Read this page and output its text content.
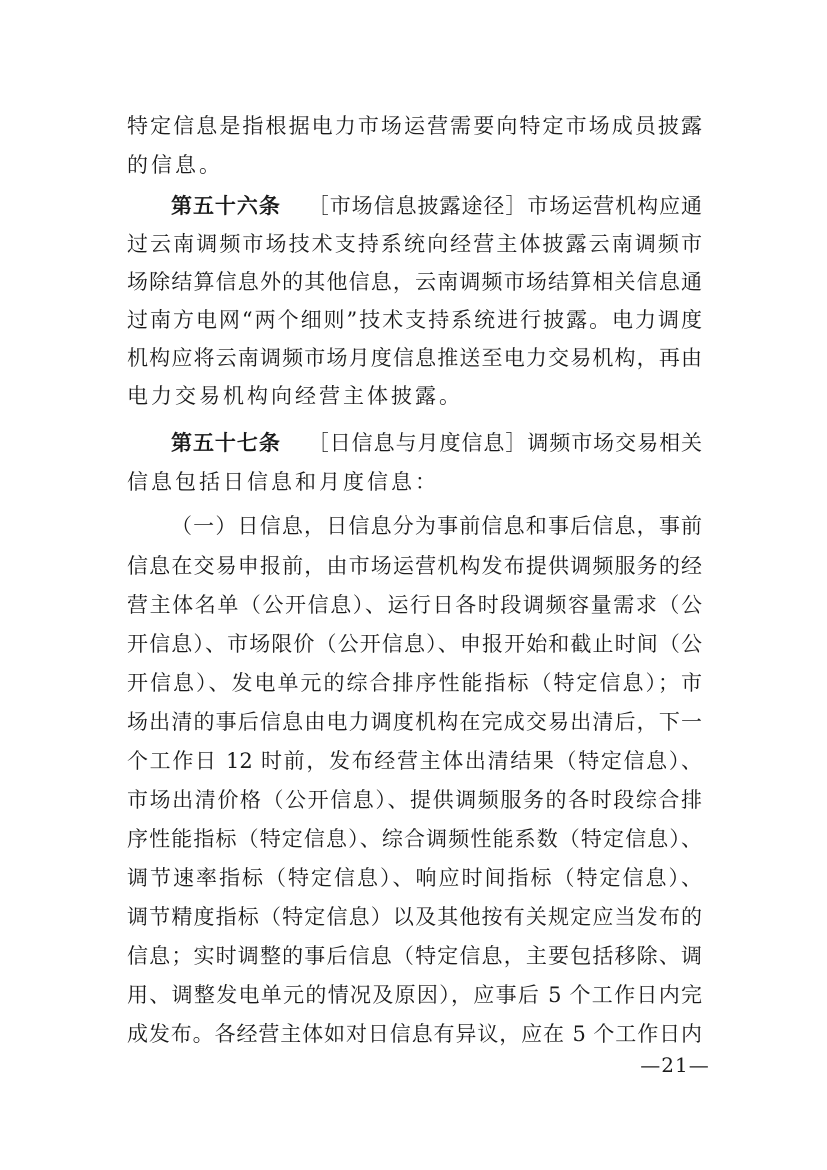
特定信息是指根据电力市场运营需要向特定市场成员披露
的信息。
第五十六条 ［市场信息披露途径］市场运营机构应通
过云南调频市场技术支持系统向经营主体披露云南调频市
场除结算信息外的其他信息，云南调频市场结算相关信息通
过南方电网“两个细则”技术支持系统进行披露。电力调度
机构应将云南调频市场月度信息推送至电力交易机构，再由
电力交易机构向经营主体披露。
第五十七条 ［日信息与月度信息］调频市场交易相关
信息包括日信息和月度信息：
（一）日信息，日信息分为事前信息和事后信息，事前
信息在交易申报前，由市场运营机构发布提供调频服务的经
营主体名单（公开信息）、运行日各时段调频容量需求（公
开信息）、市场限价（公开信息）、申报开始和截止时间（公
开信息）、发电单元的综合排序性能指标（特定信息）；市
场出清的事后信息由电力调度机构在完成交易出清后，下一
个工作日 12 时前，发布经营主体出清结果（特定信息）、
市场出清价格（公开信息）、提供调频服务的各时段综合排
序性能指标（特定信息）、综合调频性能系数（特定信息）、
调节速率指标（特定信息）、响应时间指标（特定信息）、
调节精度指标（特定信息）以及其他按有关规定应当发布的
信息；实时调整的事后信息（特定信息，主要包括移除、调
用、调整发电单元的情况及原因），应事后 5 个工作日内完
成发布。各经营主体如对日信息有异议，应在 5 个工作日内
—21—
